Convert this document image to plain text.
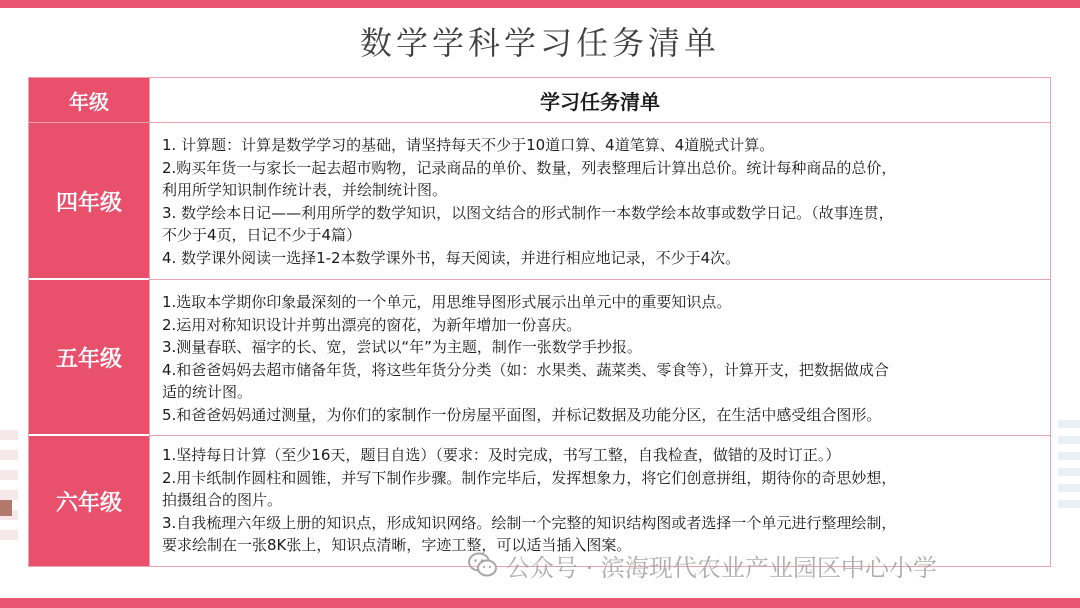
数学学科学习任务清单
年级	学习任务清单
四年级

1. 计算题：计算是数学学习的基础，请坚持每天不少于10道口算、4道笔算、4道脱式计算。

2.购买年货一与家长一起去超市购物，记录商品的单价、数量，列表整理后计算出总价。统计每种商品的总价，

利用所学知识制作统计表，并绘制统计图。

3. 数学绘本日记——利用所学的数学知识，以图文结合的形式制作一本数学绘本故事或数学日记。（故事连贯，

不少于4页，日记不少于4篇）

4. 数学课外阅读一选择1-2本数学课外书，每天阅读，并进行相应地记录，不少于4次。

五年级

1.选取本学期你印象最深刻的一个单元，用思维导图形式展示出单元中的重要知识点。

2.运用对称知识设计并剪出漂亮的窗花，为新年增加一份喜庆。

3.测量春联、福字的长、宽，尝试以“年”为主题，制作一张数学手抄报。

4.和爸爸妈妈去超市储备年货，将这些年货分分类（如：水果类、蔬菜类、零食等），计算开支，把数据做成合

适的统计图。

5.和爸爸妈妈通过测量，为你们的家制作一份房屋平面图，并标记数据及功能分区，在生活中感受组合图形。

六年级

1.坚持每日计算（至少16天，题目自选）（要求：及时完成，书写工整，自我检查，做错的及时订正。）

2.用卡纸制作圆柱和圆锥，并写下制作步骤。制作完毕后，发挥想象力，将它们创意拼组，期待你的奇思妙想，

拍摄组合的图片。

3.自我梳理六年级上册的知识点，形成知识网络。绘制一个完整的知识结构图或者选择一个单元进行整理绘制，

要求绘制在一张8K张上，知识点清晰，字迹工整，可以适当插入图案。

公众号 · 滨海现代农业产业园区中心小学
